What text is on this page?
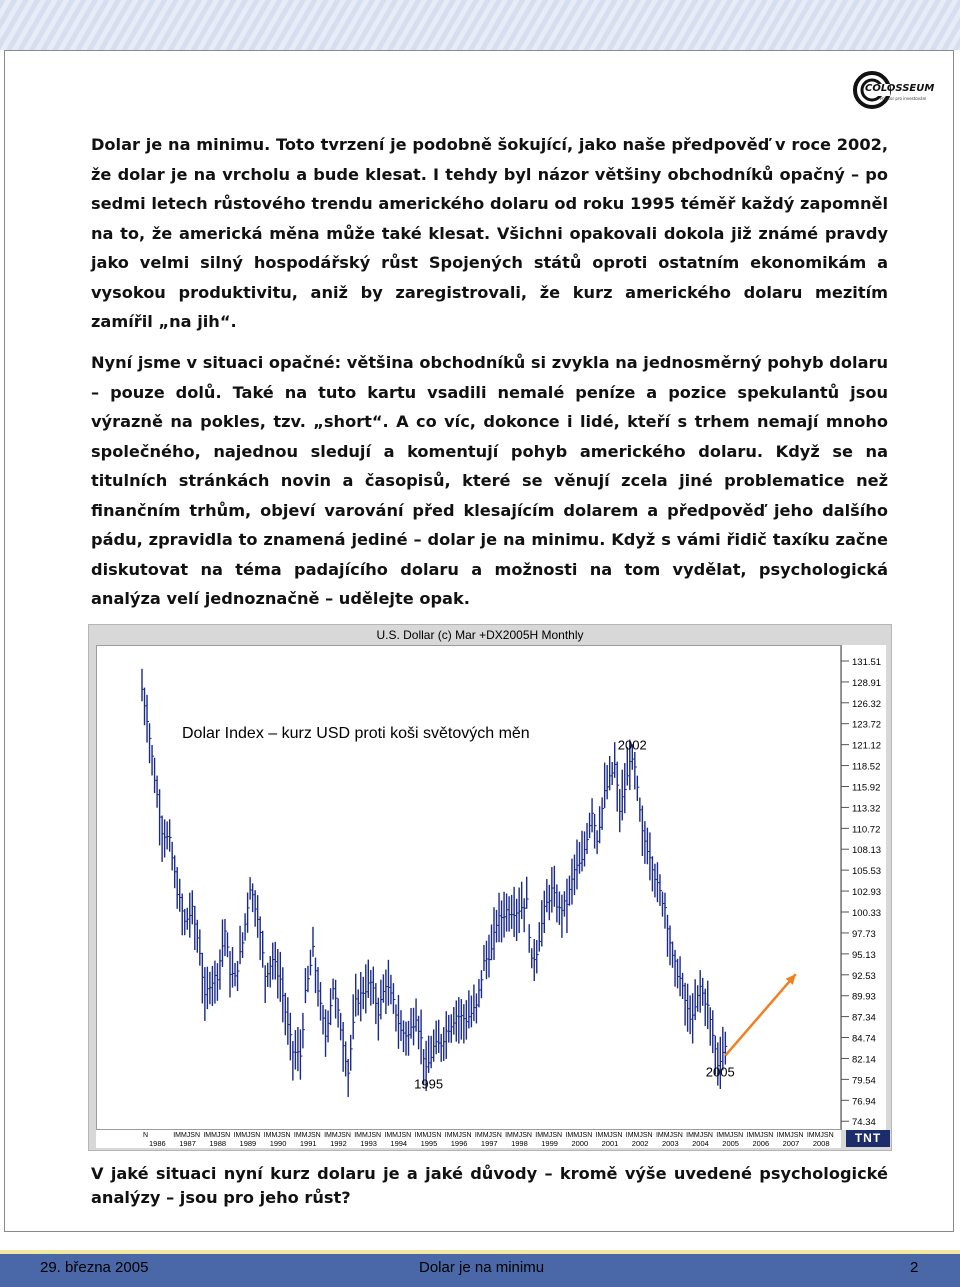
COLOSSEUM
Prostor pro investování

Dolar je na minimu. Toto tvrzení je podobně šokující, jako naše předpověď v roce 2002, že dolar je na vrcholu a bude klesat. I tehdy byl názor většiny obchodníků opačný – po sedmi letech růstového trendu amerického dolaru od roku 1995 téměř každý zapomněl na to, že americká měna může také klesat. Všichni opakovali dokola již známé pravdy jako velmi silný hospodářský růst Spojených států oproti ostatním ekonomikám a vysokou produktivitu, aniž by zaregistrovali, že kurz amerického dolaru mezitím zamířil „na jih“.

Nyní jsme v situaci opačné: většina obchodníků si zvykla na jednosměrný pohyb dolaru – pouze dolů. Také na tuto kartu vsadili nemalé peníze a pozice spekulantů jsou výrazně na pokles, tzv. „short“. A co víc, dokonce i lidé, kteří s trhem nemají mnoho společného, najednou sledují a komentují pohyb amerického dolaru. Když se na titulních stránkách novin a časopisů, které se věnují zcela jiné problematice než finančním trhům, objeví varování před klesajícím dolarem a předpověď jeho dalšího pádu, zpravidla to znamená jediné – dolar je na minimu. Když s vámi řidič taxíku začne diskutovat na téma padajícího dolaru a možnosti na tom vydělat, psychologická analýza velí jednoznačně – udělejte opak.

U.S. Dollar (c) Mar +DX2005H Monthly
TNT
131.51
128.91
126.32
123.72
121.12
118.52
115.92
113.32
110.72
108.13
105.53
102.93
100.33
97.73
95.13
92.53
89.93
87.34
84.74
82.14
79.54
76.94
74.34
N
1986
IMMJSN
1987
IMMJSN
1988
IMMJSN
1989
IMMJSN
1990
IMMJSN
1991
IMMJSN
1992
IMMJSN
1993
IMMJSN
1994
IMMJSN
1995
IMMJSN
1996
IMMJSN
1997
IMMJSN
1998
IMMJSN
1999
IMMJSN
2000
IMMJSN
2001
IMMJSN
2002
IMMJSN
2003
IMMJSN
2004
IMMJSN
2005
IMMJSN
2006
IMMJSN
2007
IMMJSN
2008
2002
1995
2005
Dolar Index – kurz USD proti koši světových měn

V jaké situaci nyní kurz dolaru je a jaké důvody – kromě výše uvedené psychologické analýzy – jsou pro jeho růst?

29. března 2005	Dolar je na minimu	2
